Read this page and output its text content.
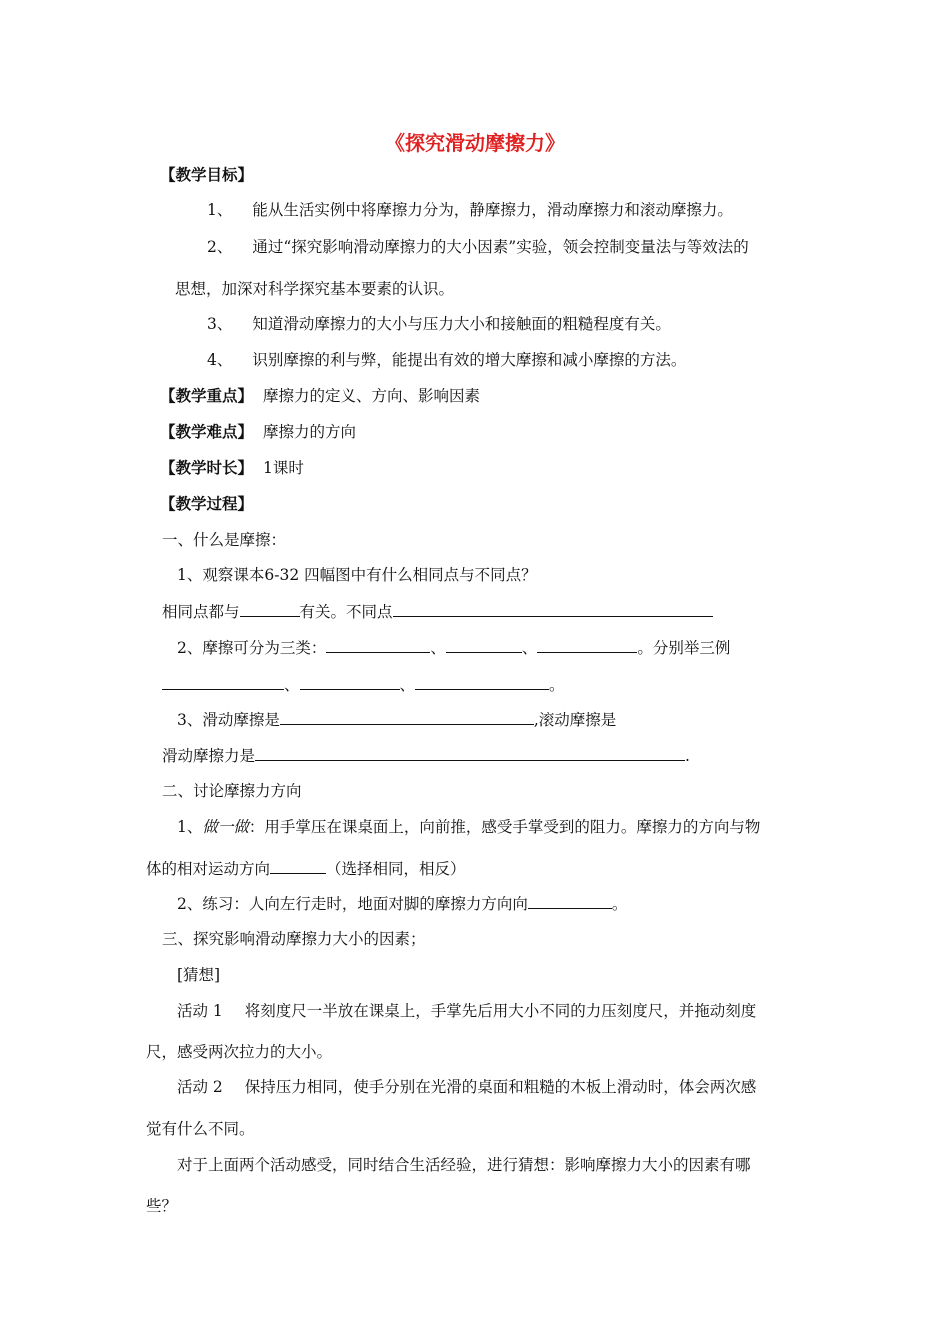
《探究滑动摩擦力》
【教学目标】
1、 能从生活实例中将摩擦力分为，静摩擦力，滑动摩擦力和滚动摩擦力。
2、 通过“探究影响滑动摩擦力的大小因素”实验，领会控制变量法与等效法的
思想，加深对科学探究基本要素的认识。
3、 知道滑动摩擦力的大小与压力大小和接触面的粗糙程度有关。
4、 识别摩擦的利与弊，能提出有效的增大摩擦和减小摩擦的方法。
【教学重点】 摩擦力的定义、方向、影响因素
【教学难点】 摩擦力的方向
【教学时长】 1课时
【教学过程】
一、什么是摩擦：
1、观察课本6-32 四幅图中有什么相同点与不同点？
相同点都与	有关。不同点
2、摩擦可分为三类：	、	、	。分别举三例
、	、	。
3、滑动摩擦是	,滚动摩擦是
滑动摩擦力是	.
二、讨论摩擦力方向
1、做一做：用手掌压在课桌面上，向前推，感受手掌受到的阻力。摩擦力的方向与物
体的相对运动方向	（选择相同，相反）
2、练习：人向左行走时，地面对脚的摩擦力方向向	。
三、探究影响滑动摩擦力大小的因素；
[猜想]
活动 1 将刻度尺一半放在课桌上，手掌先后用大小不同的力压刻度尺，并拖动刻度
尺，感受两次拉力的大小。
活动 2 保持压力相同，使手分别在光滑的桌面和粗糙的木板上滑动时，体会两次感
觉有什么不同。
对于上面两个活动感受，同时结合生活经验，进行猜想：影响摩擦力大小的因素有哪
些？
